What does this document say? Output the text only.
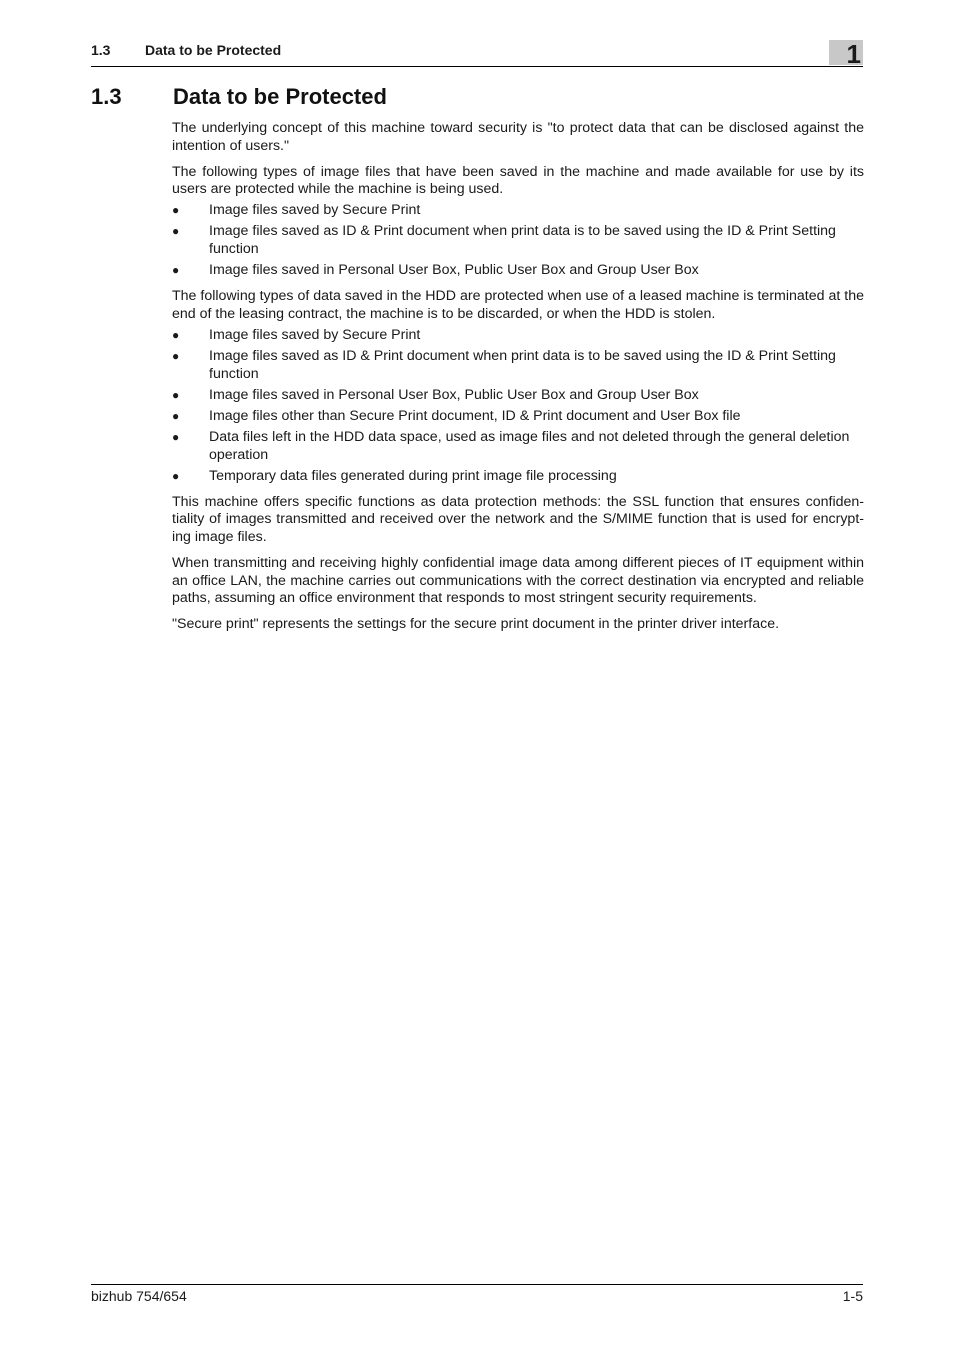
1.3 Data to be Protected	1
1.3 Data to be Protected

The underlying concept of this machine toward security is "to protect data that can be disclosed against the intention of users."

The following types of image files that have been saved in the machine and made available for use by its users are protected while the machine is being used.

● Image files saved by Secure Print
● Image files saved as ID & Print document when print data is to be saved using the ID & Print Setting function
● Image files saved in Personal User Box, Public User Box and Group User Box

The following types of data saved in the HDD are protected when use of a leased machine is terminated at the end of the leasing contract, the machine is to be discarded, or when the HDD is stolen.

● Image files saved by Secure Print
● Image files saved as ID & Print document when print data is to be saved using the ID & Print Setting function
● Image files saved in Personal User Box, Public User Box and Group User Box
● Image files other than Secure Print document, ID & Print document and User Box file
● Data files left in the HDD data space, used as image files and not deleted through the general deletion operation
● Temporary data files generated during print image file processing

This machine offers specific functions as data protection methods: the SSL function that ensures confiden-tiality of images transmitted and received over the network and the S/MIME function that is used for encrypt-ing image files.

When transmitting and receiving highly confidential image data among different pieces of IT equipment within an office LAN, the machine carries out communications with the correct destination via encrypted and reliable paths, assuming an office environment that responds to most stringent security requirements.

"Secure print" represents the settings for the secure print document in the printer driver interface.

bizhub 754/654	1-5
